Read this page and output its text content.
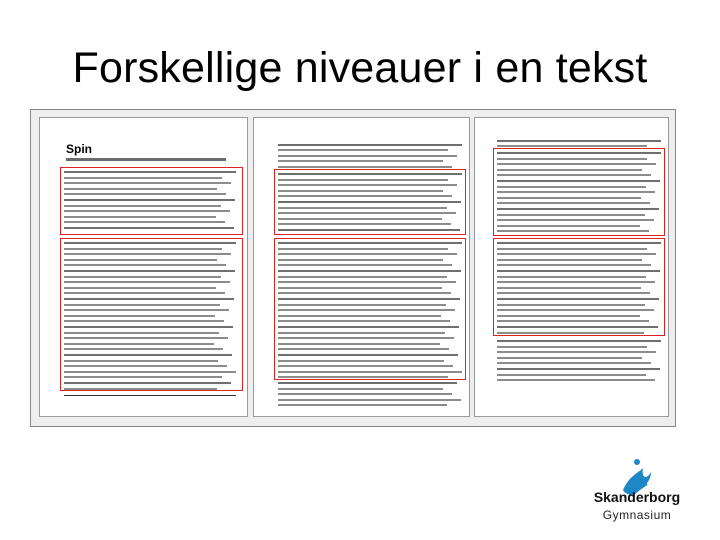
Forskellige niveauer i en tekst
Spin
Skanderborg
Gymnasium
